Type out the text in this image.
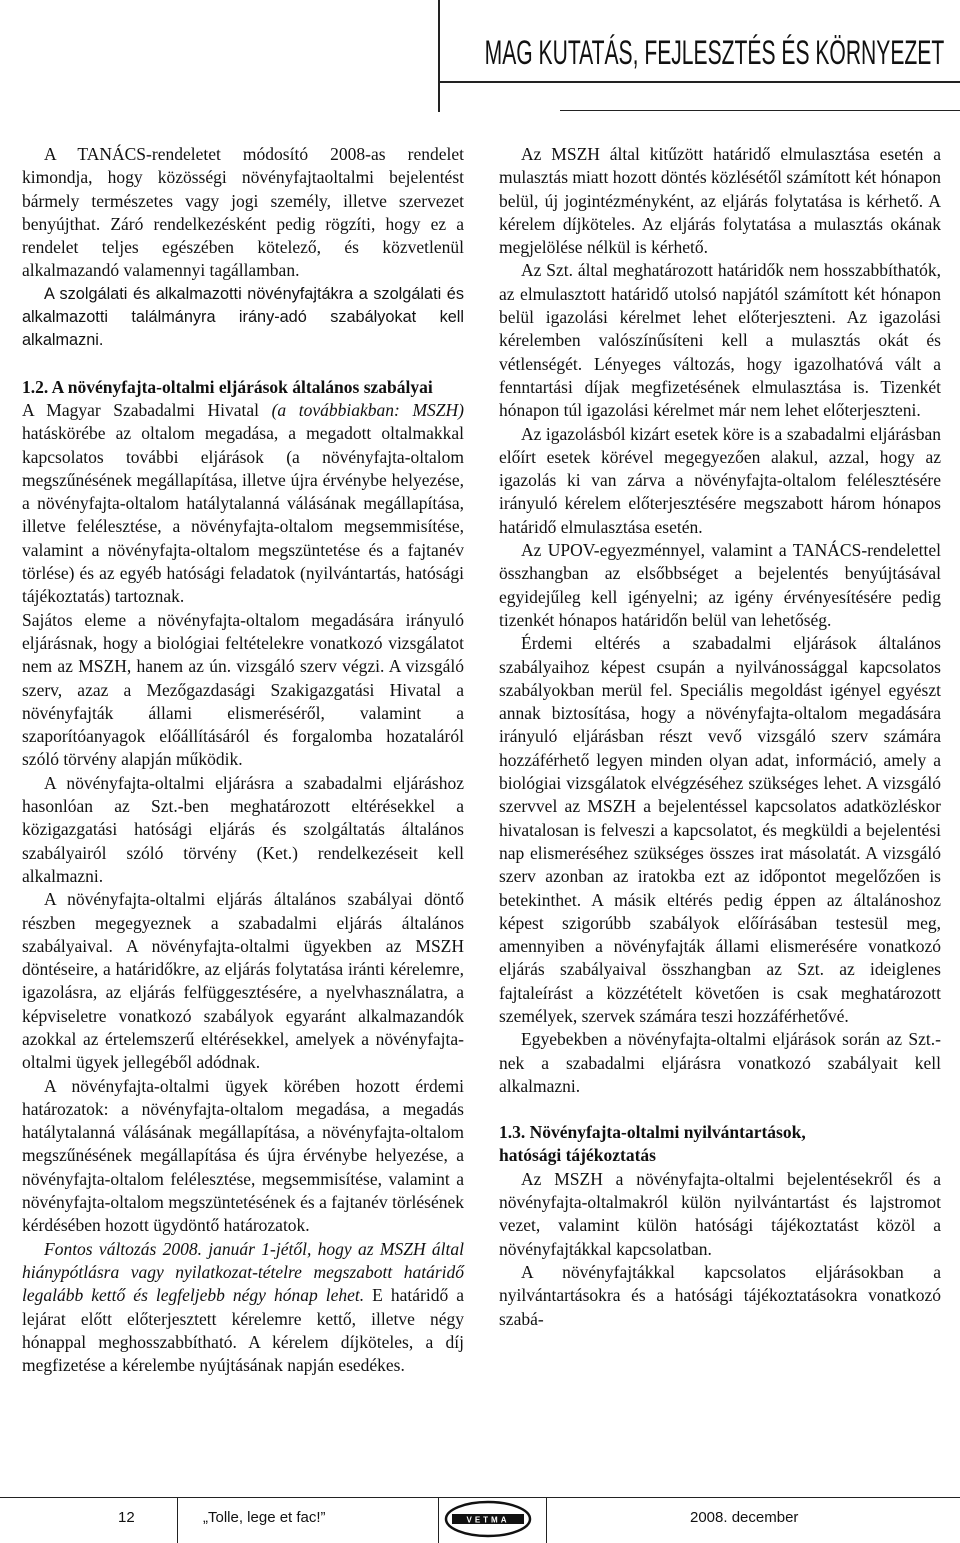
MAG KUTATÁS, FEJLESZTÉS ÉS KÖRNYEZET

A TANÁCS-rendeletet módosító 2008-as rendelet kimondja, hogy közösségi növényfajtaoltalmi bejelentést bármely természetes vagy jogi személy, illetve szervezet benyújthat. Záró rendelkezésként pedig rögzíti, hogy ez a rendelet teljes egészében kötelező, és közvetlenül alkalmazandó valamennyi tagállamban.

A szolgálati és alkalmazotti növényfajtákra a szolgálati és alkalmazotti találmányra irány-adó szabályokat kell alkalmazni.

1.2. A növényfajta-oltalmi eljárások általános szabályai
A Magyar Szabadalmi Hivatal (a továbbiakban: MSZH) hatáskörébe az oltalom megadása, a megadott oltalmakkal kapcsolatos további eljárások (a növényfajta-oltalom megszűnésének megállapítása, illetve újra érvénybe helyezése, a növényfajta-oltalom hatálytalanná válásának megállapítása, illetve felélesztése, a növényfajta-oltalom megsemmisítése, valamint a növényfajta-oltalom megszüntetése és a fajtanév törlése) és az egyéb hatósági feladatok (nyilvántartás, hatósági tájékoztatás) tartoznak.

Sajátos eleme a növényfajta-oltalom megadására irányuló eljárásnak, hogy a biológiai feltételekre vonatkozó vizsgálatot nem az MSZH, hanem az ún. vizsgáló szerv végzi. A vizsgáló szerv, azaz a Mezőgazdasági Szakigazgatási Hivatal a növényfajták állami elismeréséről, valamint a szaporítóanyagok előállításáról és forgalomba hozataláról szóló törvény alapján működik.

A növényfajta-oltalmi eljárásra a szabadalmi eljáráshoz hasonlóan az Szt.-ben meghatározott eltérésekkel a közigazgatási hatósági eljárás és szolgáltatás általános szabályairól szóló törvény (Ket.) rendelkezéseit kell alkalmazni.

A növényfajta-oltalmi eljárás általános szabályai döntő részben megegyeznek a szabadalmi eljárás általános szabályaival. A növényfajta-oltalmi ügyekben az MSZH döntéseire, a határidőkre, az eljárás folytatása iránti kérelemre, igazolásra, az eljárás felfüggesztésére, a nyelvhasználatra, a képviseletre vonatkozó szabályok egyaránt alkalmazandók azokkal az értelemszerű eltérésekkel, amelyek a növényfajta-oltalmi ügyek jellegéből adódnak.

A növényfajta-oltalmi ügyek körében hozott érdemi határozatok: a növényfajta-oltalom megadása, a megadás hatálytalanná válásának megállapítása, a növényfajta-oltalom megszűnésének megállapítása és újra érvénybe helyezése, a növényfajta-oltalom felélesztése, megsemmisítése, valamint a növényfajta-oltalom megszüntetésének és a fajtanév törlésének kérdésében hozott ügydöntő határozatok.

Fontos változás 2008. január 1-jétől, hogy az MSZH által hiánypótlásra vagy nyilatkozat-tételre megszabott határidő legalább kettő és legfeljebb négy hónap lehet. E határidő a lejárat előtt előterjesztett kérelemre kettő, illetve négy hónappal meghosszabbítható. A kérelem díjköteles, a díj megfizetése a kérelembe nyújtásának napján esedékes.

Az MSZH által kitűzött határidő elmulasztása esetén a mulasztás miatt hozott döntés közlésétől számított két hónapon belül, új jogintézményként, az eljárás folytatása is kérhető. A kérelem díjköteles. Az eljárás folytatása a mulasztás okának megjelölése nélkül is kérhető.

Az Szt. által meghatározott határidők nem hosszabbíthatók, az elmulasztott határidő utolsó napjától számított két hónapon belül igazolási kérelmet lehet előterjeszteni. Az igazolási kérelemben valószínűsíteni kell a mulasztás okát és vétlenségét. Lényeges változás, hogy igazolhatóvá vált a fenntartási díjak megfizetésének elmulasztása is. Tizenkét hónapon túl igazolási kérelmet már nem lehet előterjeszteni.

Az igazolásból kizárt esetek köre is a szabadalmi eljárásban előírt esetek körével megegyezően alakul, azzal, hogy az igazolás ki van zárva a növényfajta-oltalom felélesztésére irányuló kérelem előterjesztésére megszabott három hónapos határidő elmulasztása esetén.

Az UPOV-egyezménnyel, valamint a TANÁCS-rendelettel összhangban az elsőbbséget a bejelentés benyújtásával egyidejűleg kell igényelni; az igény érvényesítésére pedig tizenkét hónapos határidőn belül van lehetőség.

Érdemi eltérés a szabadalmi eljárások általános szabályaihoz képest csupán a nyilvánossággal kapcsolatos szabályokban merül fel. Speciális megoldást igényel egyészt annak biztosítása, hogy a növényfajta-oltalom megadására irányuló eljárásban részt vevő vizsgáló szerv számára hozzáférhető legyen minden olyan adat, információ, amely a biológiai vizsgálatok elvégzéséhez szükséges lehet. A vizsgáló szervvel az MSZH a bejelentéssel kapcsolatos adatközléskor hivatalosan is felveszi a kapcsolatot, és megküldi a bejelentési nap elismeréséhez szükséges összes irat másolatát. A vizsgáló szerv azonban az iratokba ezt az időpontot megelőzően is betekinthet. A másik eltérés pedig éppen az általánoshoz képest szigorúbb szabályok előírásában testesül meg, amennyiben a növényfajták állami elismerésére vonatkozó eljárás szabályaival összhangban az Szt. az ideiglenes fajtaleírást a közzétételt követően is csak meghatározott személyek, szervek számára teszi hozzáférhetővé.

Egyebekben a növényfajta-oltalmi eljárások során az Szt.-nek a szabadalmi eljárásra vonatkozó szabályait kell alkalmazni.

1.3. Növényfajta-oltalmi nyilvántartások,
hatósági tájékoztatás

Az MSZH a növényfajta-oltalmi bejelentésekről és a növényfajta-oltalmakról külön nyilvántartást és lajstromot vezet, valamint külön hatósági tájékoztatást közöl a növényfajtákkal kapcsolatban.

A növényfajtákkal kapcsolatos eljárásokban a nyilvántartásokra és a hatósági tájékoztatásokra vonatkozó szabá-

12	„Tolle, lege et fac!”	VETMA	2008. december
